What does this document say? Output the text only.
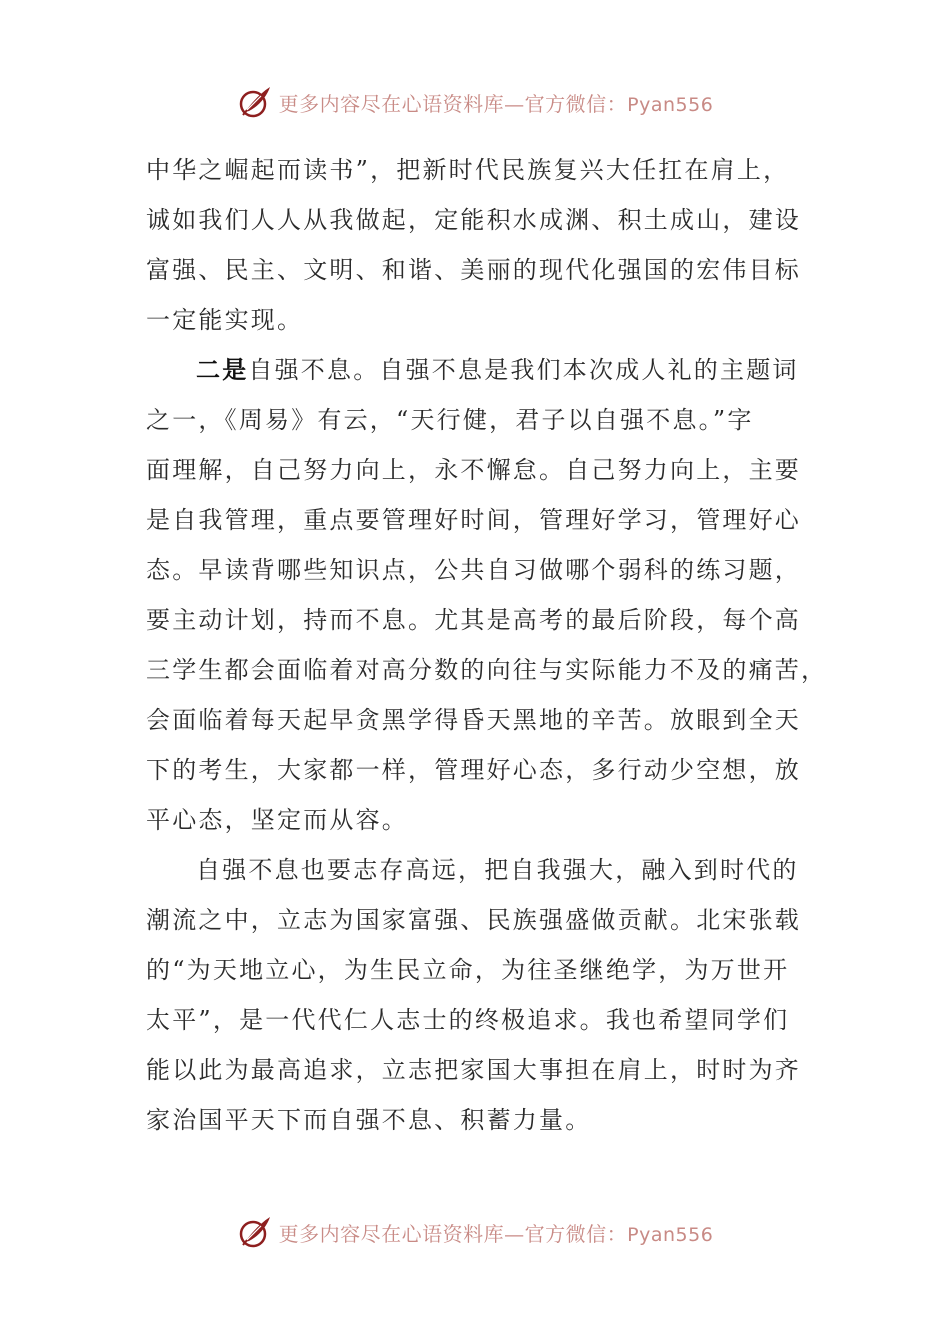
更多内容尽在心语资料库—官方微信：Pyan556

中华之崛起而读书”，把新时代民族复兴大任扛在肩上，
诚如我们人人从我做起，定能积水成渊、积土成山，建设
富强、民主、文明、和谐、美丽的现代化强国的宏伟目标
一定能实现。

二是自强不息。自强不息是我们本次成人礼的主题词
之一，《周易》有云，“天行健，君子以自强不息。”字
面理解，自己努力向上，永不懈怠。自己努力向上，主要
是自我管理，重点要管理好时间，管理好学习，管理好心
态。早读背哪些知识点，公共自习做哪个弱科的练习题，
要主动计划，持而不息。尤其是高考的最后阶段，每个高
三学生都会面临着对高分数的向往与实际能力不及的痛苦，
会面临着每天起早贪黑学得昏天黑地的辛苦。放眼到全天
下的考生，大家都一样，管理好心态，多行动少空想，放
平心态，坚定而从容。

自强不息也要志存高远，把自我强大，融入到时代的
潮流之中，立志为国家富强、民族强盛做贡献。北宋张载
的“为天地立心，为生民立命，为往圣继绝学，为万世开
太平”，是一代代仁人志士的终极追求。我也希望同学们
能以此为最高追求，立志把家国大事担在肩上，时时为齐
家治国平天下而自强不息、积蓄力量。

更多内容尽在心语资料库—官方微信：Pyan556
